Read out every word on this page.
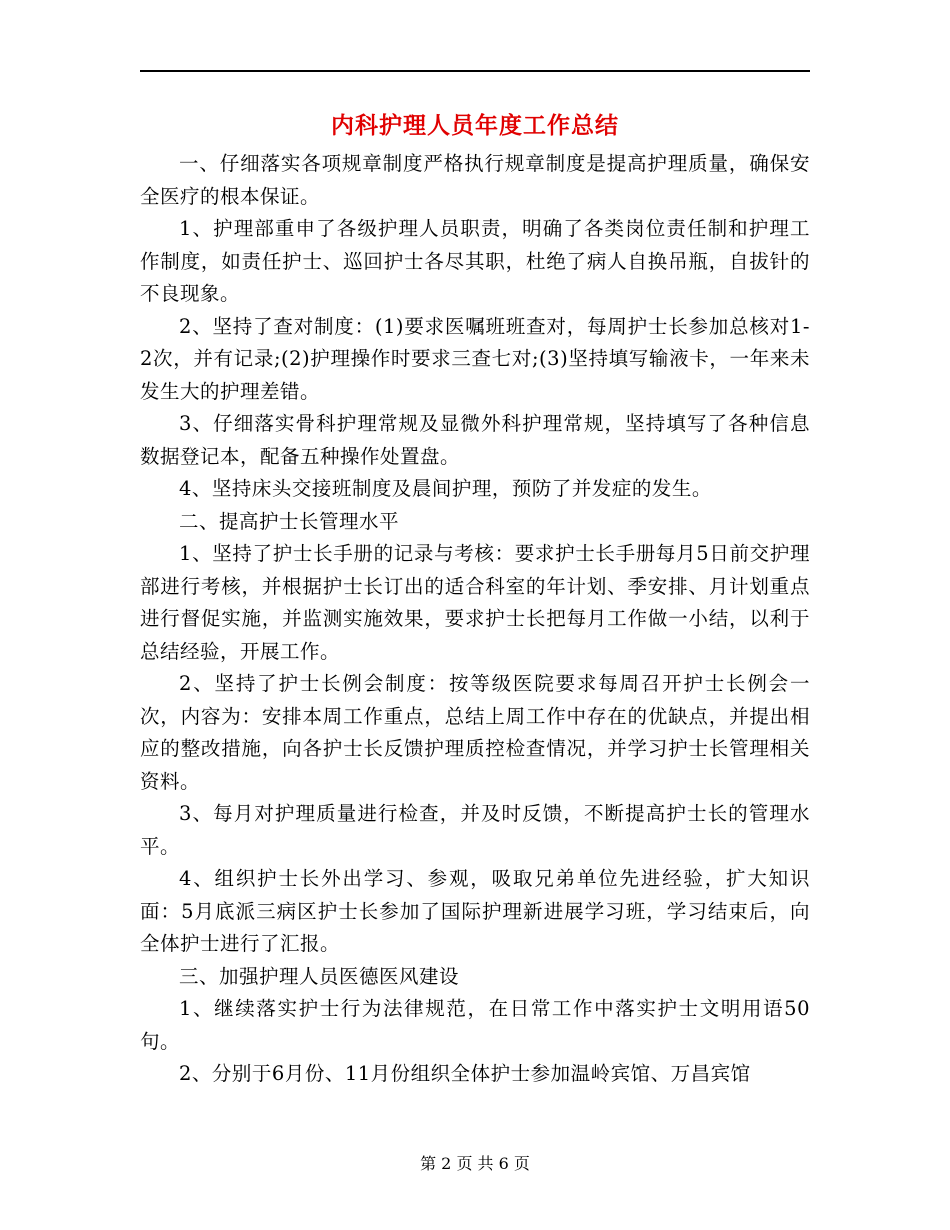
内科护理人员年度工作总结

一、仔细落实各项规章制度严格执行规章制度是提高护理质量，确保安全医疗的根本保证。

1、护理部重申了各级护理人员职责，明确了各类岗位责任制和护理工作制度，如责任护士、巡回护士各尽其职，杜绝了病人自换吊瓶，自拔针的不良现象。

2、坚持了查对制度：(1)要求医嘱班班查对，每周护士长参加总核对1-2次，并有记录;(2)护理操作时要求三查七对;(3)坚持填写输液卡，一年来未发生大的护理差错。

3、仔细落实骨科护理常规及显微外科护理常规，坚持填写了各种信息数据登记本，配备五种操作处置盘。

4、坚持床头交接班制度及晨间护理，预防了并发症的发生。

二、提高护士长管理水平

1、坚持了护士长手册的记录与考核：要求护士长手册每月5日前交护理部进行考核，并根据护士长订出的适合科室的年计划、季安排、月计划重点进行督促实施，并监测实施效果，要求护士长把每月工作做一小结，以利于总结经验，开展工作。

2、坚持了护士长例会制度：按等级医院要求每周召开护士长例会一次，内容为：安排本周工作重点，总结上周工作中存在的优缺点，并提出相应的整改措施，向各护士长反馈护理质控检查情况，并学习护士长管理相关资料。

3、每月对护理质量进行检查，并及时反馈，不断提高护士长的管理水平。

4、组织护士长外出学习、参观，吸取兄弟单位先进经验，扩大知识面：5月底派三病区护士长参加了国际护理新进展学习班，学习结束后，向全体护士进行了汇报。

三、加强护理人员医德医风建设

1、继续落实护士行为法律规范，在日常工作中落实护士文明用语50句。

2、分别于6月份、11月份组织全体护士参加温岭宾馆、万昌宾馆

第 2 页 共 6 页
